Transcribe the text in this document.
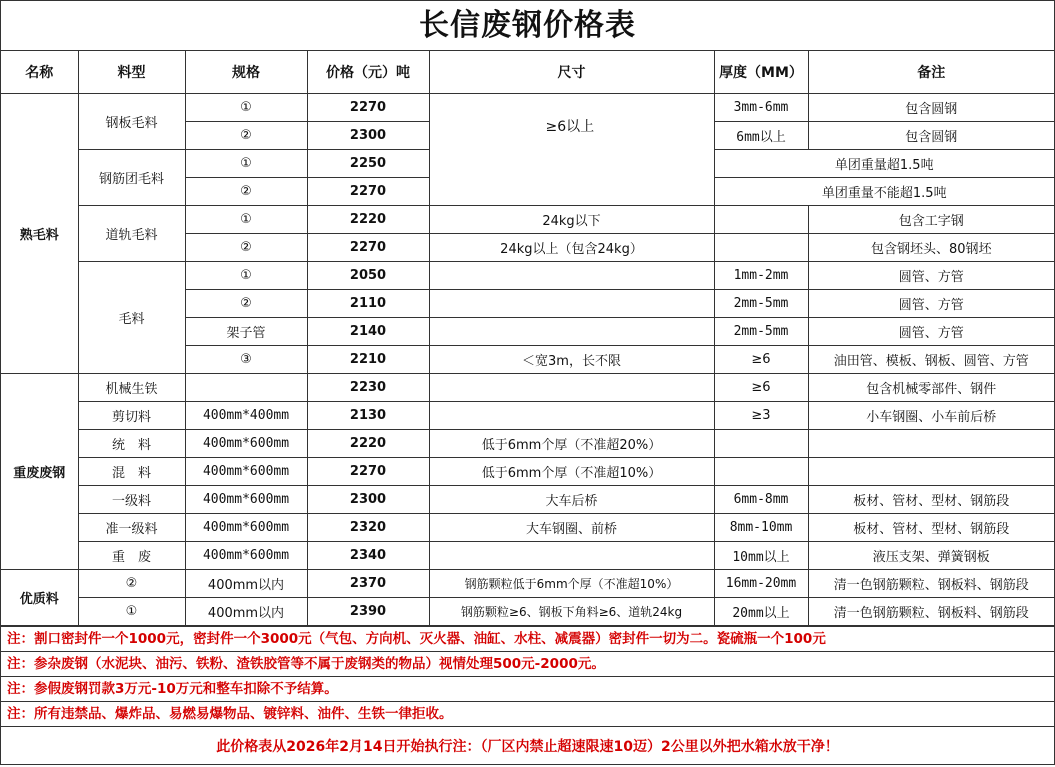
长信废钢价格表
名称	料型	规格	价格（元）吨	尺寸	厚度（MM）	备注
熟毛料	钢板毛料	①	2270	≥6以上	3mm-6mm	包含圆钢
		②	2300		6mm以上	包含圆钢
	钢筋团毛料	①	2250		单团重量超1.5吨	
		②	2270		单团重量不能超1.5吨	
	道轨毛料	①	2220	24kg以下		包含工字钢
		②	2270	24kg以上（包含24kg）		包含钢坯头、80钢坯
	毛料	①	2050		1mm-2mm	圆管、方管
		②	2110		2mm-5mm	圆管、方管
		架子管	2140		2mm-5mm	圆管、方管
		③	2210	＜宽3m，长不限	≥6	油田管、模板、钢板、圆管、方管
重废废钢	机械生铁		2230		≥6	包含机械零部件、钢件
	剪切料	400mm*400mm	2130		≥3	小车钢圈、小车前后桥
	统　料	400mm*600mm	2220	低于6mm个厚（不准超20%）		
	混　料	400mm*600mm	2270	低于6mm个厚（不准超10%）		
	一级料	400mm*600mm	2300	大车后桥	6mm-8mm	板材、管材、型材、钢筋段
	准一级料	400mm*600mm	2320	大车钢圈、前桥	8mm-10mm	板材、管材、型材、钢筋段
	重　废	400mm*600mm	2340		10mm以上	液压支架、弹簧钢板
优质料	②	400mm以内	2370	钢筋颗粒低于6mm个厚（不准超10%）	16mm-20mm	清一色钢筋颗粒、钢板料、钢筋段
	①	400mm以内	2390	钢筋颗粒≥6、钢板下角料≥6、道轨24kg	20mm以上	清一色钢筋颗粒、钢板料、钢筋段
注：割口密封件一个1000元，密封件一个3000元（气包、方向机、灭火器、油缸、水柱、减震器）密封件一切为二。瓷硫瓶一个100元
注：参杂废钢（水泥块、油污、铁粉、渣铁胶管等不属于废钢类的物品）视情处理500元-2000元。
注：参假废钢罚款3万元-10万元和整车扣除不予结算。
注：所有违禁品、爆炸品、易燃易爆物品、镀锌料、油件、生铁一律拒收。
此价格表从2026年2月14日开始执行注：（厂区内禁止超速限速10迈）2公里以外把水箱水放干净！
